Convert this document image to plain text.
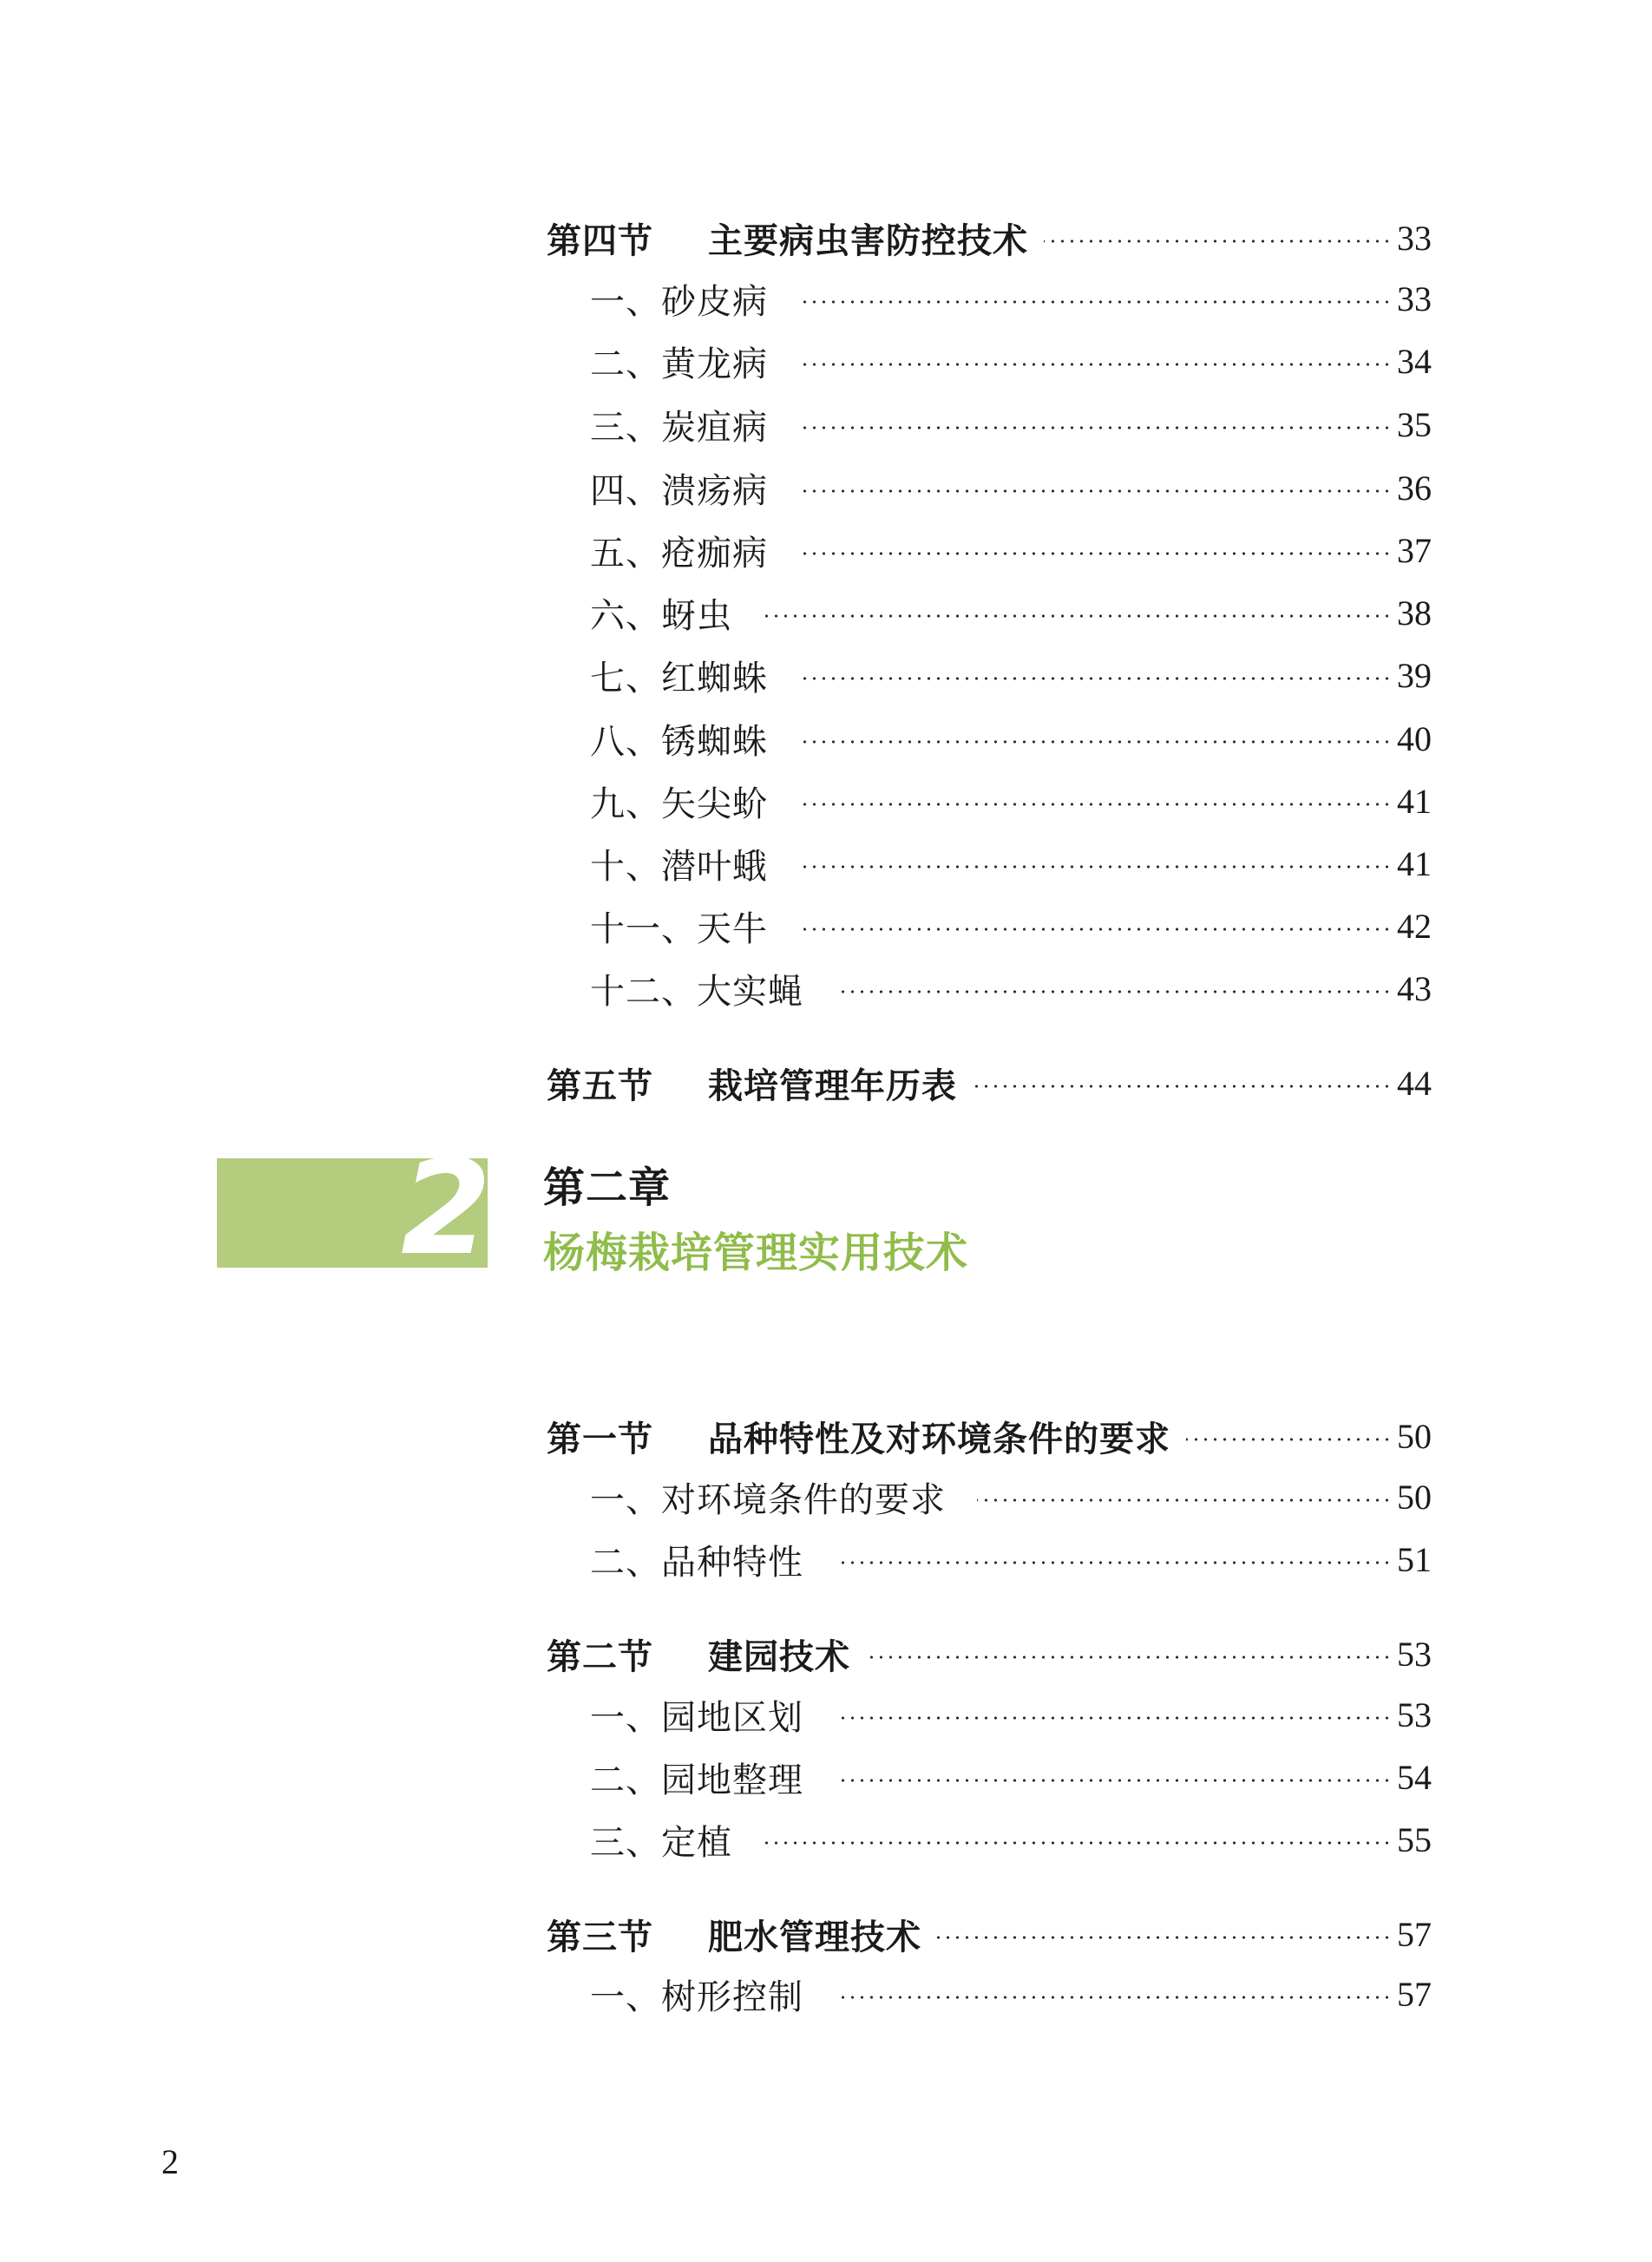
第四节 主要病虫害防控技术	33
一、砂皮病	33
二、黄龙病	34
三、炭疽病	35
四、溃疡病	36
五、疮痂病	37
六、蚜虫	38
七、红蜘蛛	39
八、锈蜘蛛	40
九、矢尖蚧	41
十、潜叶蛾	41
十一、天牛	42
十二、大实蝇	43
第五节 栽培管理年历表	44
2 第二章
杨梅栽培管理实用技术
第一节 品种特性及对环境条件的要求	50
一、对环境条件的要求	50
二、品种特性	51
第二节 建园技术	53
一、园地区划	53
二、园地整理	54
三、定植	55
第三节 肥水管理技术	57
一、树形控制	57
2
